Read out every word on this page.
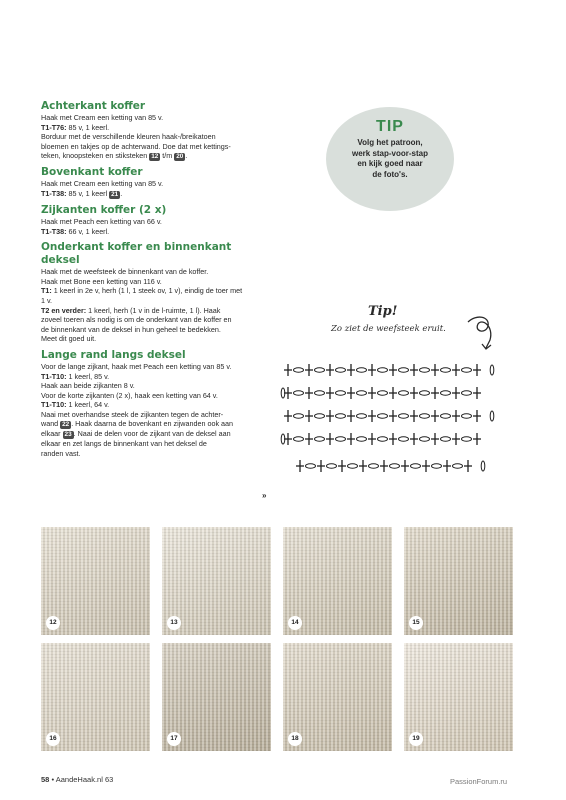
Achterkant koffer
Haak met Cream een ketting van 85 v.
T1-T76: 85 v, 1 keerl.
Borduur met de verschillende kleuren haak-/breikatoen
bloemen en takjes op de achterwand. Doe dat met kettings-
teken, knoopsteken en stiksteken 12 t/m 20 .
Bovenkant koffer
Haak met Cream een ketting van 85 v.
T1-T38: 85 v, 1 keerl 21 .
Zijkanten koffer (2 x)
Haak met Peach een ketting van 66 v.
T1-T38: 66 v, 1 keerl.
Onderkant koffer en binnenkant deksel
Haak met de weefsteek de binnenkant van de koffer.
Haak met Bone een ketting van 116 v.
T1: 1 keerl in 2e v, herh (1 l, 1 steek ov, 1 v), eindig de toer met
1 v.
T2 en verder: 1 keerl, herh (1 v in de l-ruimte, 1 l). Haak
zoveel toeren als nodig is om de onderkant van de koffer en
de binnenkant van de deksel in hun geheel te bedekken.
Meet dit goed uit.
Lange rand langs deksel
Voor de lange zijkant, haak met Peach een ketting van 85 v.
T1-T10: 1 keerl, 85 v.
Haak aan beide zijkanten 8 v.
Voor de korte zijkanten (2 x), haak een ketting van 64 v.
T1-T10: 1 keerl, 64 v.
Naai met overhandse steek de zijkanten tegen de achter-
wand 22 . Haak daarna de bovenkant en zijwanden ook aan
elkaar 23 . Naai de delen voor de zijkant van de deksel aan
elkaar en zet langs de binnenkant van het deksel de
randen vast.
»
TIP
Volg het patroon,
werk stap-voor-stap
en kijk goed naar
de foto's.
Tip!
Zo ziet de weefsteek eruit.
12	13	14	15
16	17	18	19
58 • AandeHaak.nl 63	PassionForum.ru
